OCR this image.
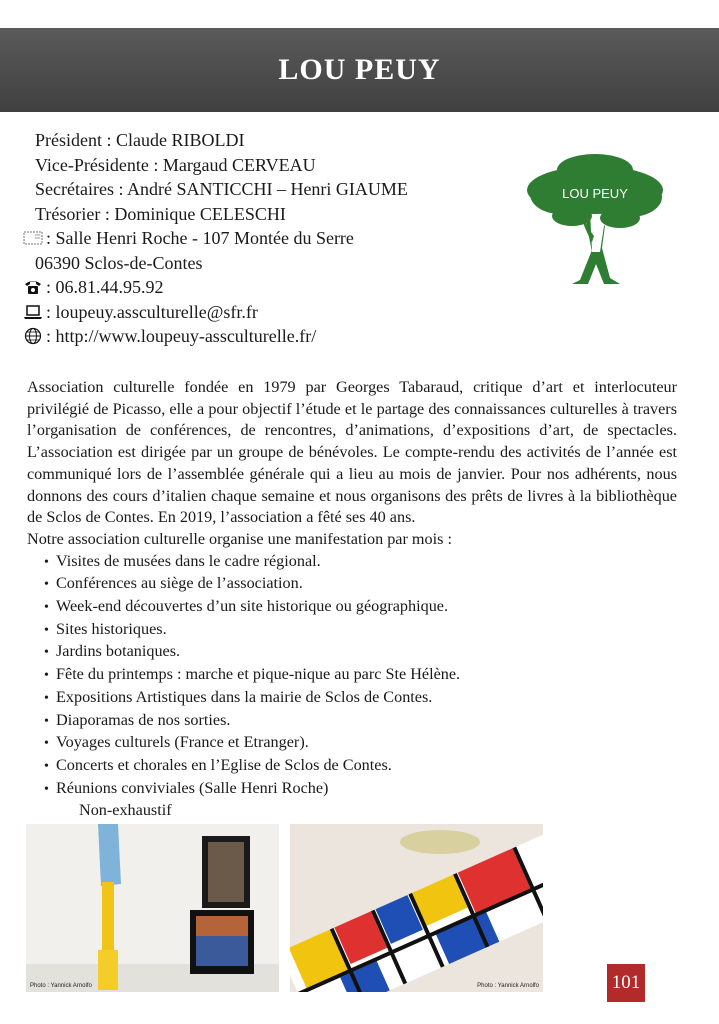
LOU PEUY
Président : Claude RIBOLDI
Vice-Présidente : Margaud CERVEAU
Secrétaires : André SANTICCHI – Henri GIAUME
Trésorier : Dominique CELESCHI
: Salle Henri Roche - 107 Montée du Serre
06390 Sclos-de-Contes
: 06.81.44.95.92
: loupeuy.assculturelle@sfr.fr
: http://www.loupeuy-assculturelle.fr/
LOU PEUY

Association culturelle fondée en 1979 par Georges Tabaraud, critique d’art et interlocuteur privilégié de Picasso, elle a pour objectif l’étude et le partage des connaissances culturelles à travers l’organisation de conférences, de rencontres, d’animations, d’expositions d’art, de spectacles. L’association est dirigée par un groupe de bénévoles. Le compte-rendu des activités de l’année est communiqué lors de l’assemblée générale qui a lieu au mois de janvier. Pour nos adhérents, nous donnons des cours d’italien chaque semaine et nous organisons des prêts de livres à la bibliothèque de Sclos de Contes. En 2019, l’association a fêté ses 40 ans.

Notre association culturelle organise une manifestation par mois :

• Visites de musées dans le cadre régional.
• Conférences au siège de l’association.
• Week-end découvertes d’un site historique ou géographique.
• Sites historiques.
• Jardins botaniques.
• Fête du printemps : marche et pique-nique au parc Ste Hélène.
• Expositions Artistiques dans la mairie de Sclos de Contes.
• Diaporamas de nos sorties.
• Voyages culturels (France et Etranger).
• Concerts et chorales en l’Eglise de Sclos de Contes.
• Réunions conviviales (Salle Henri Roche)
Non-exhaustif
Photo : Yannick Arnolfo	Photo : Yannick Arnolfo	101
